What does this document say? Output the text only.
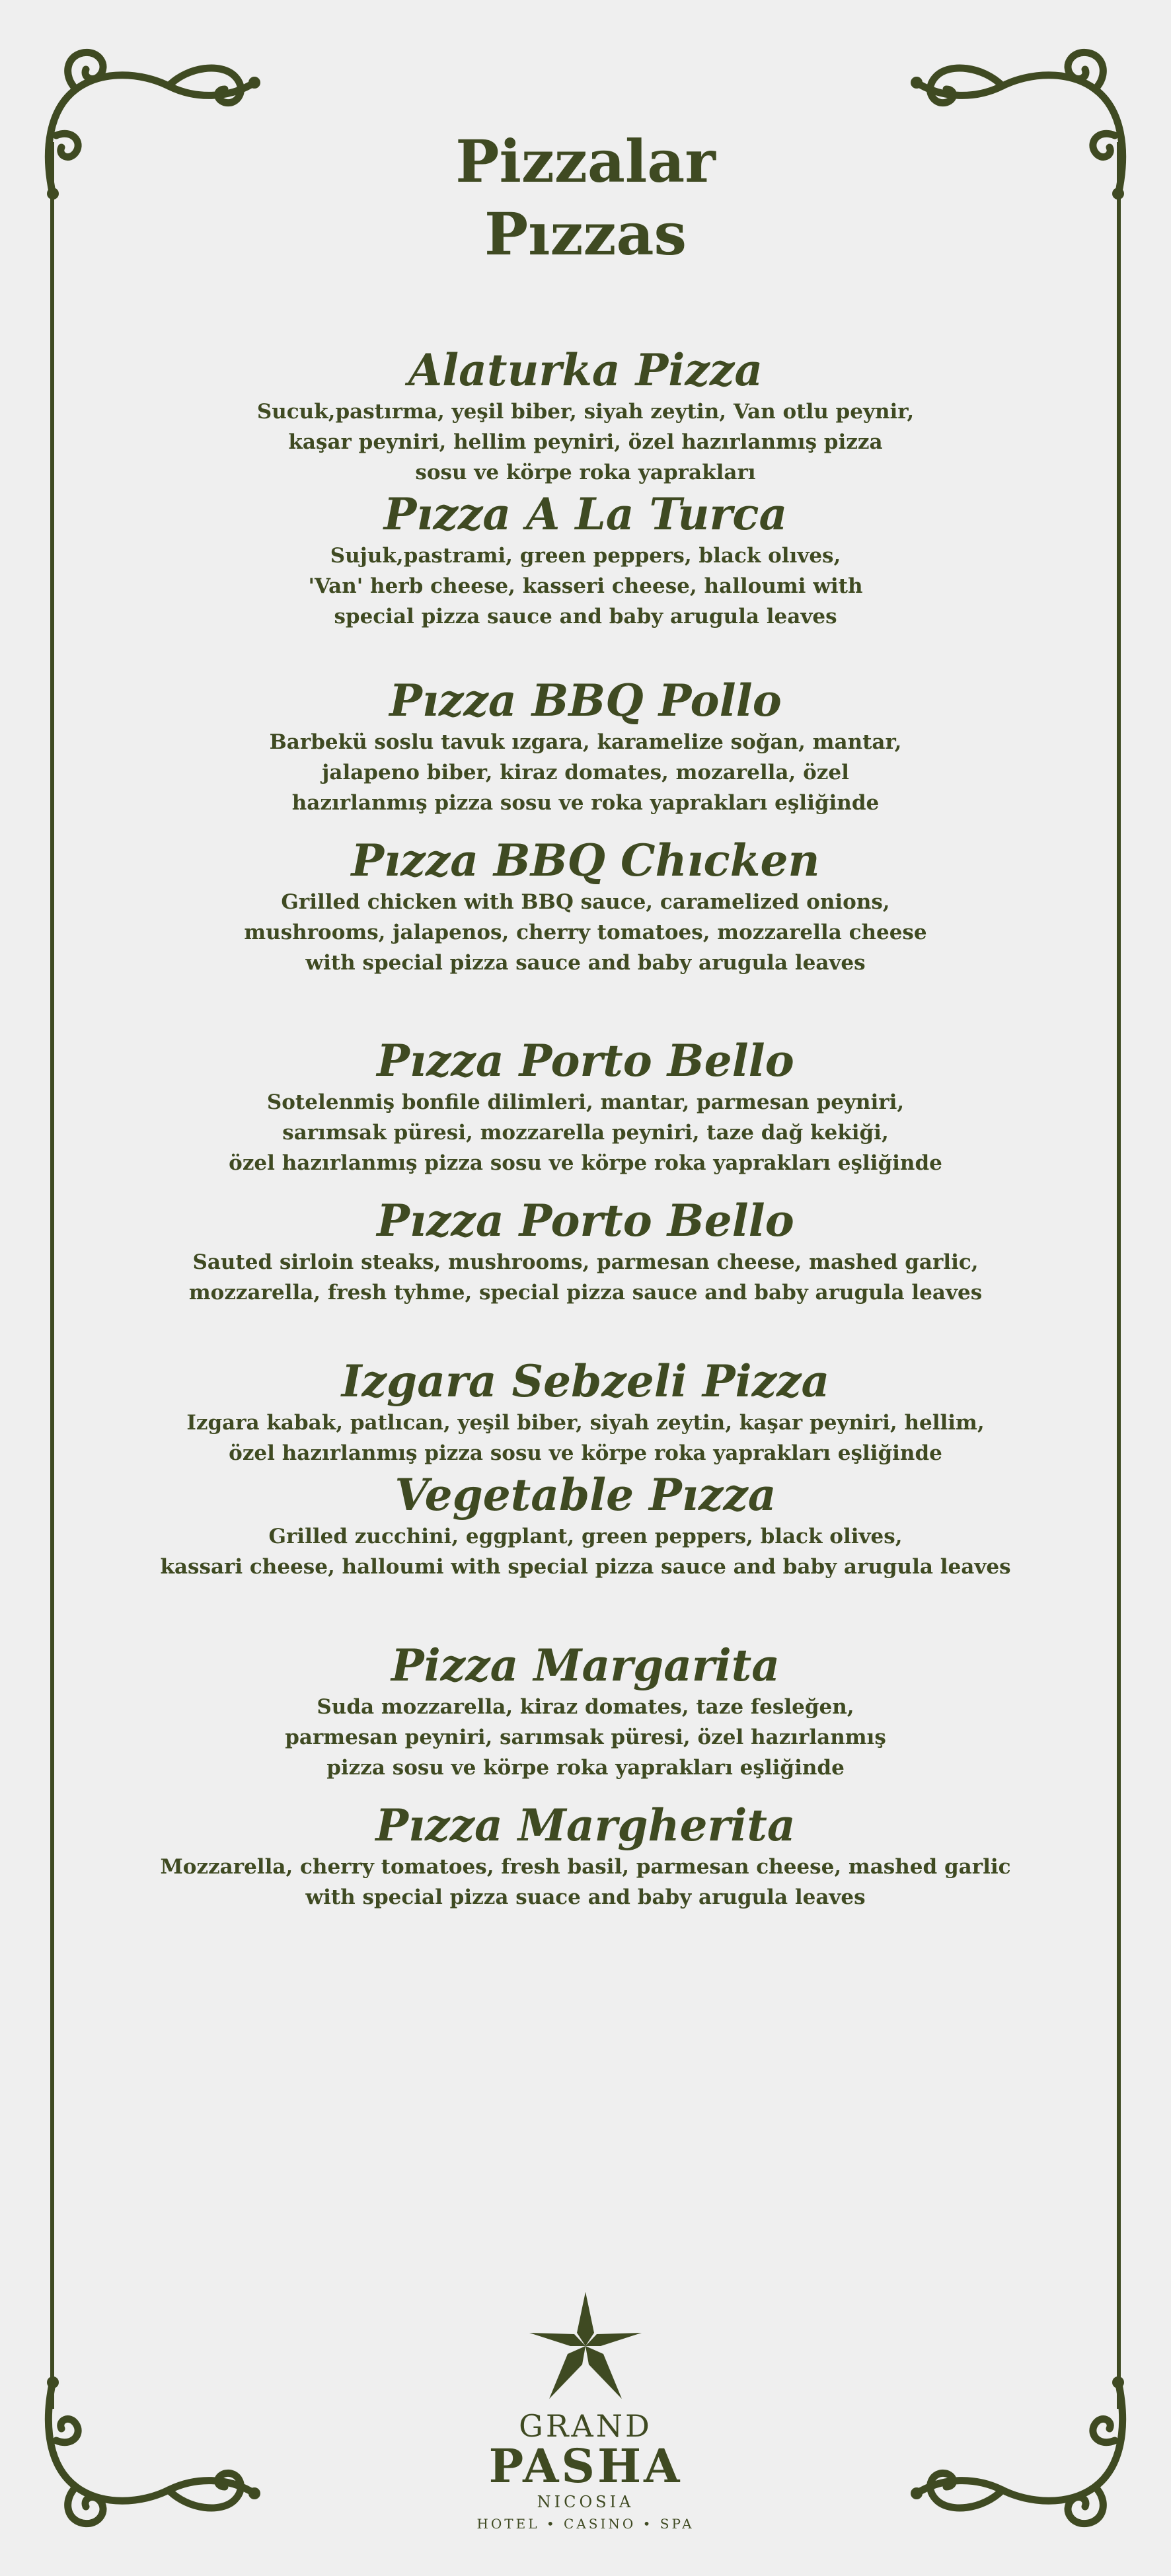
Pizzalar
Pızzas
Alaturka Pizza

Sucuk,pastırma, yeşil biber, siyah zeytin, Van otlu peynir,

kaşar peyniri, hellim peyniri, özel hazırlanmış pizza

sosu ve körpe roka yaprakları

Pızza A La Turca

Sujuk,pastrami, green peppers, black olıves,

'Van' herb cheese, kasseri cheese, halloumi with

special pizza sauce and baby arugula leaves

Pızza BBQ Pollo

Barbekü soslu tavuk ızgara, karamelize soğan, mantar,

jalapeno biber, kiraz domates, mozarella, özel

hazırlanmış pizza sosu ve roka yaprakları eşliğinde

Pızza BBQ Chıcken

Grilled chicken with BBQ sauce, caramelized onions,

mushrooms, jalapenos, cherry tomatoes, mozzarella cheese

with special pizza sauce and baby arugula leaves

Pızza Porto Bello

Sotelenmiş bonfile dilimleri, mantar, parmesan peyniri,

sarımsak püresi, mozzarella peyniri, taze dağ kekiği,

özel hazırlanmış pizza sosu ve körpe roka yaprakları eşliğinde

Pızza Porto Bello

Sauted sirloin steaks, mushrooms, parmesan cheese, mashed garlic,

mozzarella, fresh tyhme, special pizza sauce and baby arugula leaves

Izgara Sebzeli Pizza

Izgara kabak, patlıcan, yeşil biber, siyah zeytin, kaşar peyniri, hellim,

özel hazırlanmış pizza sosu ve körpe roka yaprakları eşliğinde

Vegetable Pızza

Grilled zucchini, eggplant, green peppers, black olives,

kassari cheese, halloumi with special pizza sauce and baby arugula leaves

Pizza Margarita

Suda mozzarella, kiraz domates, taze fesleğen,

parmesan peyniri, sarımsak püresi, özel hazırlanmış

pizza sosu ve körpe roka yaprakları eşliğinde

Pızza Margherita

Mozzarella, cherry tomatoes, fresh basil, parmesan cheese, mashed garlic

with special pizza suace and baby arugula leaves

GRAND
PASHA
NICOSIA
HOTEL • CASINO • SPA
